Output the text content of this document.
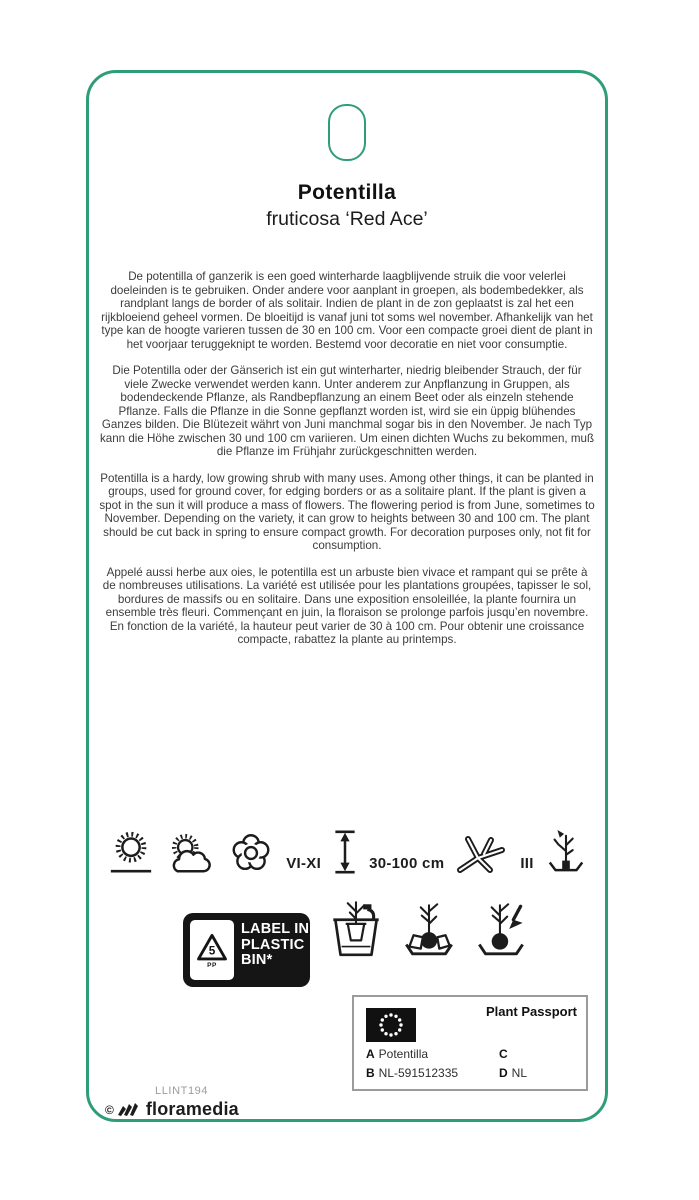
Potentilla
fruticosa ‘Red Ace’

De potentilla of ganzerik is een goed winterharde laagblijvende struik die voor velerlei doeleinden is te gebruiken. Onder andere voor aanplant in groepen, als bodembedekker, als randplant langs de border of als solitair. Indien de plant in de zon geplaatst is zal het een rijkbloeiend geheel vormen. De bloeitijd is vanaf juni tot soms wel november. Afhankelijk van het type kan de hoogte varieren tussen de 30 en 100 cm. Voor een compacte groei dient de plant in het voorjaar teruggeknipt te worden. Bestemd voor decoratie en niet voor consumptie.

Die Potentilla oder der Gänserich ist ein gut winterharter, niedrig bleibender Strauch, der für viele Zwecke verwendet werden kann. Unter anderem zur Anpflanzung in Gruppen, als bodendeckende Pflanze, als Randbepflanzung an einem Beet oder als einzeln stehende Pflanze. Falls die Pflanze in die Sonne gepflanzt worden ist, wird sie ein üppig blühendes Ganzes bilden. Die Blütezeit währt von Juni manchmal sogar bis in den November. Je nach Typ kann die Höhe zwischen 30 und 100 cm variieren. Um einen dichten Wuchs zu bekommen, muß die Pflanze im Frühjahr zurückgeschnitten werden.

Potentilla is a hardy, low growing shrub with many uses. Among other things, it can be planted in groups, used for ground cover, for edging borders or as a solitaire plant. If the plant is given a spot in the sun it will produce a mass of flowers. The flowering period is from June, sometimes to November. Depending on the variety, it can grow to heights between 30 and 100 cm. The plant should be cut back in spring to ensure compact growth. For decoration purposes only, not fit for consumption.

Appelé aussi herbe aux oies, le potentilla est un arbuste bien vivace et rampant qui se prête à de nombreuses utilisations. La variété est utilisée pour les plantations groupées, tapisser le sol, bordures de massifs ou en solitaire. Dans une exposition ensoleillée, la plante fournira un ensemble très fleuri. Commençant en juin, la floraison se prolonge parfois jusqu’en novembre. En fonction de la variété, la hauteur peut varier de 30 à 100 cm. Pour obtenir une croissance compacte, rabattez la plante au printemps.

VI-XI	30-100 cm	III
5
PP
LABEL IN
PLASTIC
BIN*
Plant Passport
A Potentilla
B NL-591512335
C
D NL
LLINT194
© floramedia
